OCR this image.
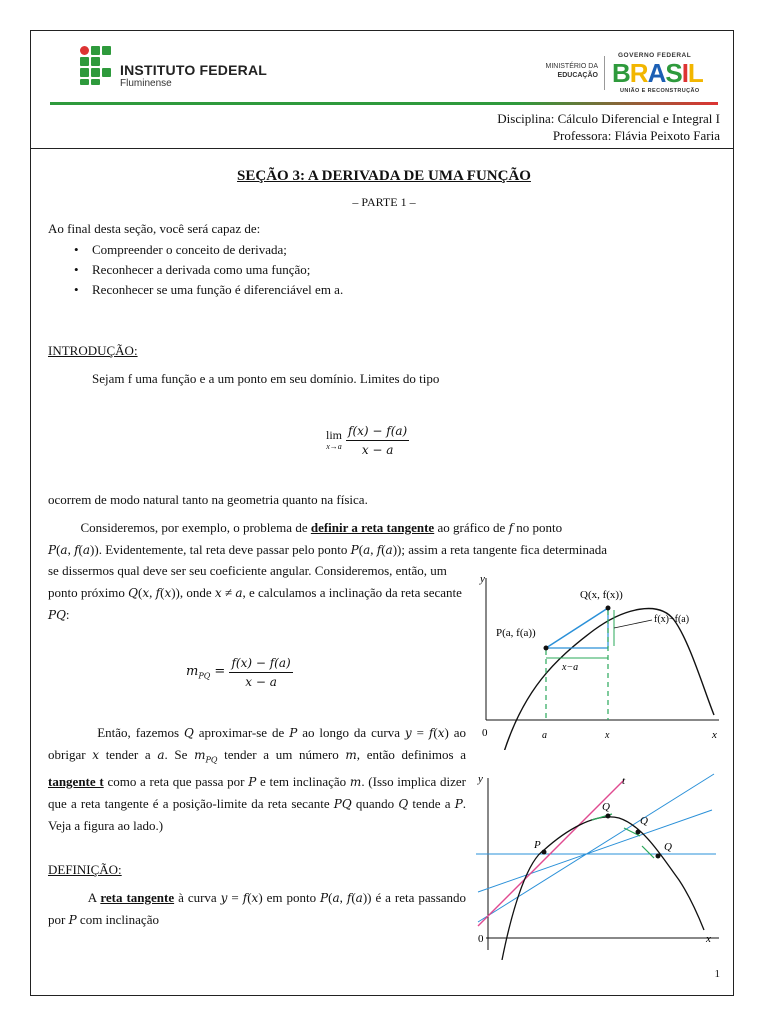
INSTITUTO FEDERAL
Fluminense
MINISTÉRIO DA
EDUCAÇÃO
GOVERNO FEDERAL
BRASIL
UNIÃO E RECONSTRUÇÃO
Disciplina: Cálculo Diferencial e Integral I
Professora: Flávia Peixoto Faria
SEÇÃO 3: A DERIVADA DE UMA FUNÇÃO
– PARTE 1 –
Ao final desta seção, você será capaz de:
• Compreender o conceito de derivada;
• Reconhecer a derivada como uma função;
• Reconhecer se uma função é diferenciável em a.
INTRODUÇÃO:
Sejam f uma função e a um ponto em seu domínio. Limites do tipo
lim
x→a
$\frac{f(x) - f(a)}{x - a}$
ocorrem de modo natural tanto na geometria quanto na física.
Consideremos, por exemplo, o problema de definir a reta tangente ao gráfico de f no ponto
P(a, f(a)). Evidentemente, tal reta deve passar pelo ponto P(a, f(a)); assim a reta tangente fica determinada
se dissermos qual deve ser seu coeficiente angular. Consideremos, então, um ponto próximo Q(x, f(x)), onde x ≠ a, e calculamos a inclinação da reta secante PQ:
$m_{PQ} = \frac{f(x) - f(a)}{x - a}$
Então, fazemos Q aproximar-se de P ao longo da curva y = f(x) ao obrigar x tender a a. Se $m_{PQ}$ tender a um número m, então definimos a tangente t como a reta que passa por P e tem inclinação m. (Isso implica dizer que a reta tangente é a posição-limite da reta secante PQ quando Q tende a P. Veja a figura ao lado.)
DEFINIÇÃO:
A reta tangente à curva y = f(x) em ponto P(a, f(a)) é a reta passando por P com inclinação
y
x
0	a	x
Q(x, f(x))
P(a, f(a))
f(x)−f(a)
x−a
y
x
0
t
P
Q
Q
Q
1
